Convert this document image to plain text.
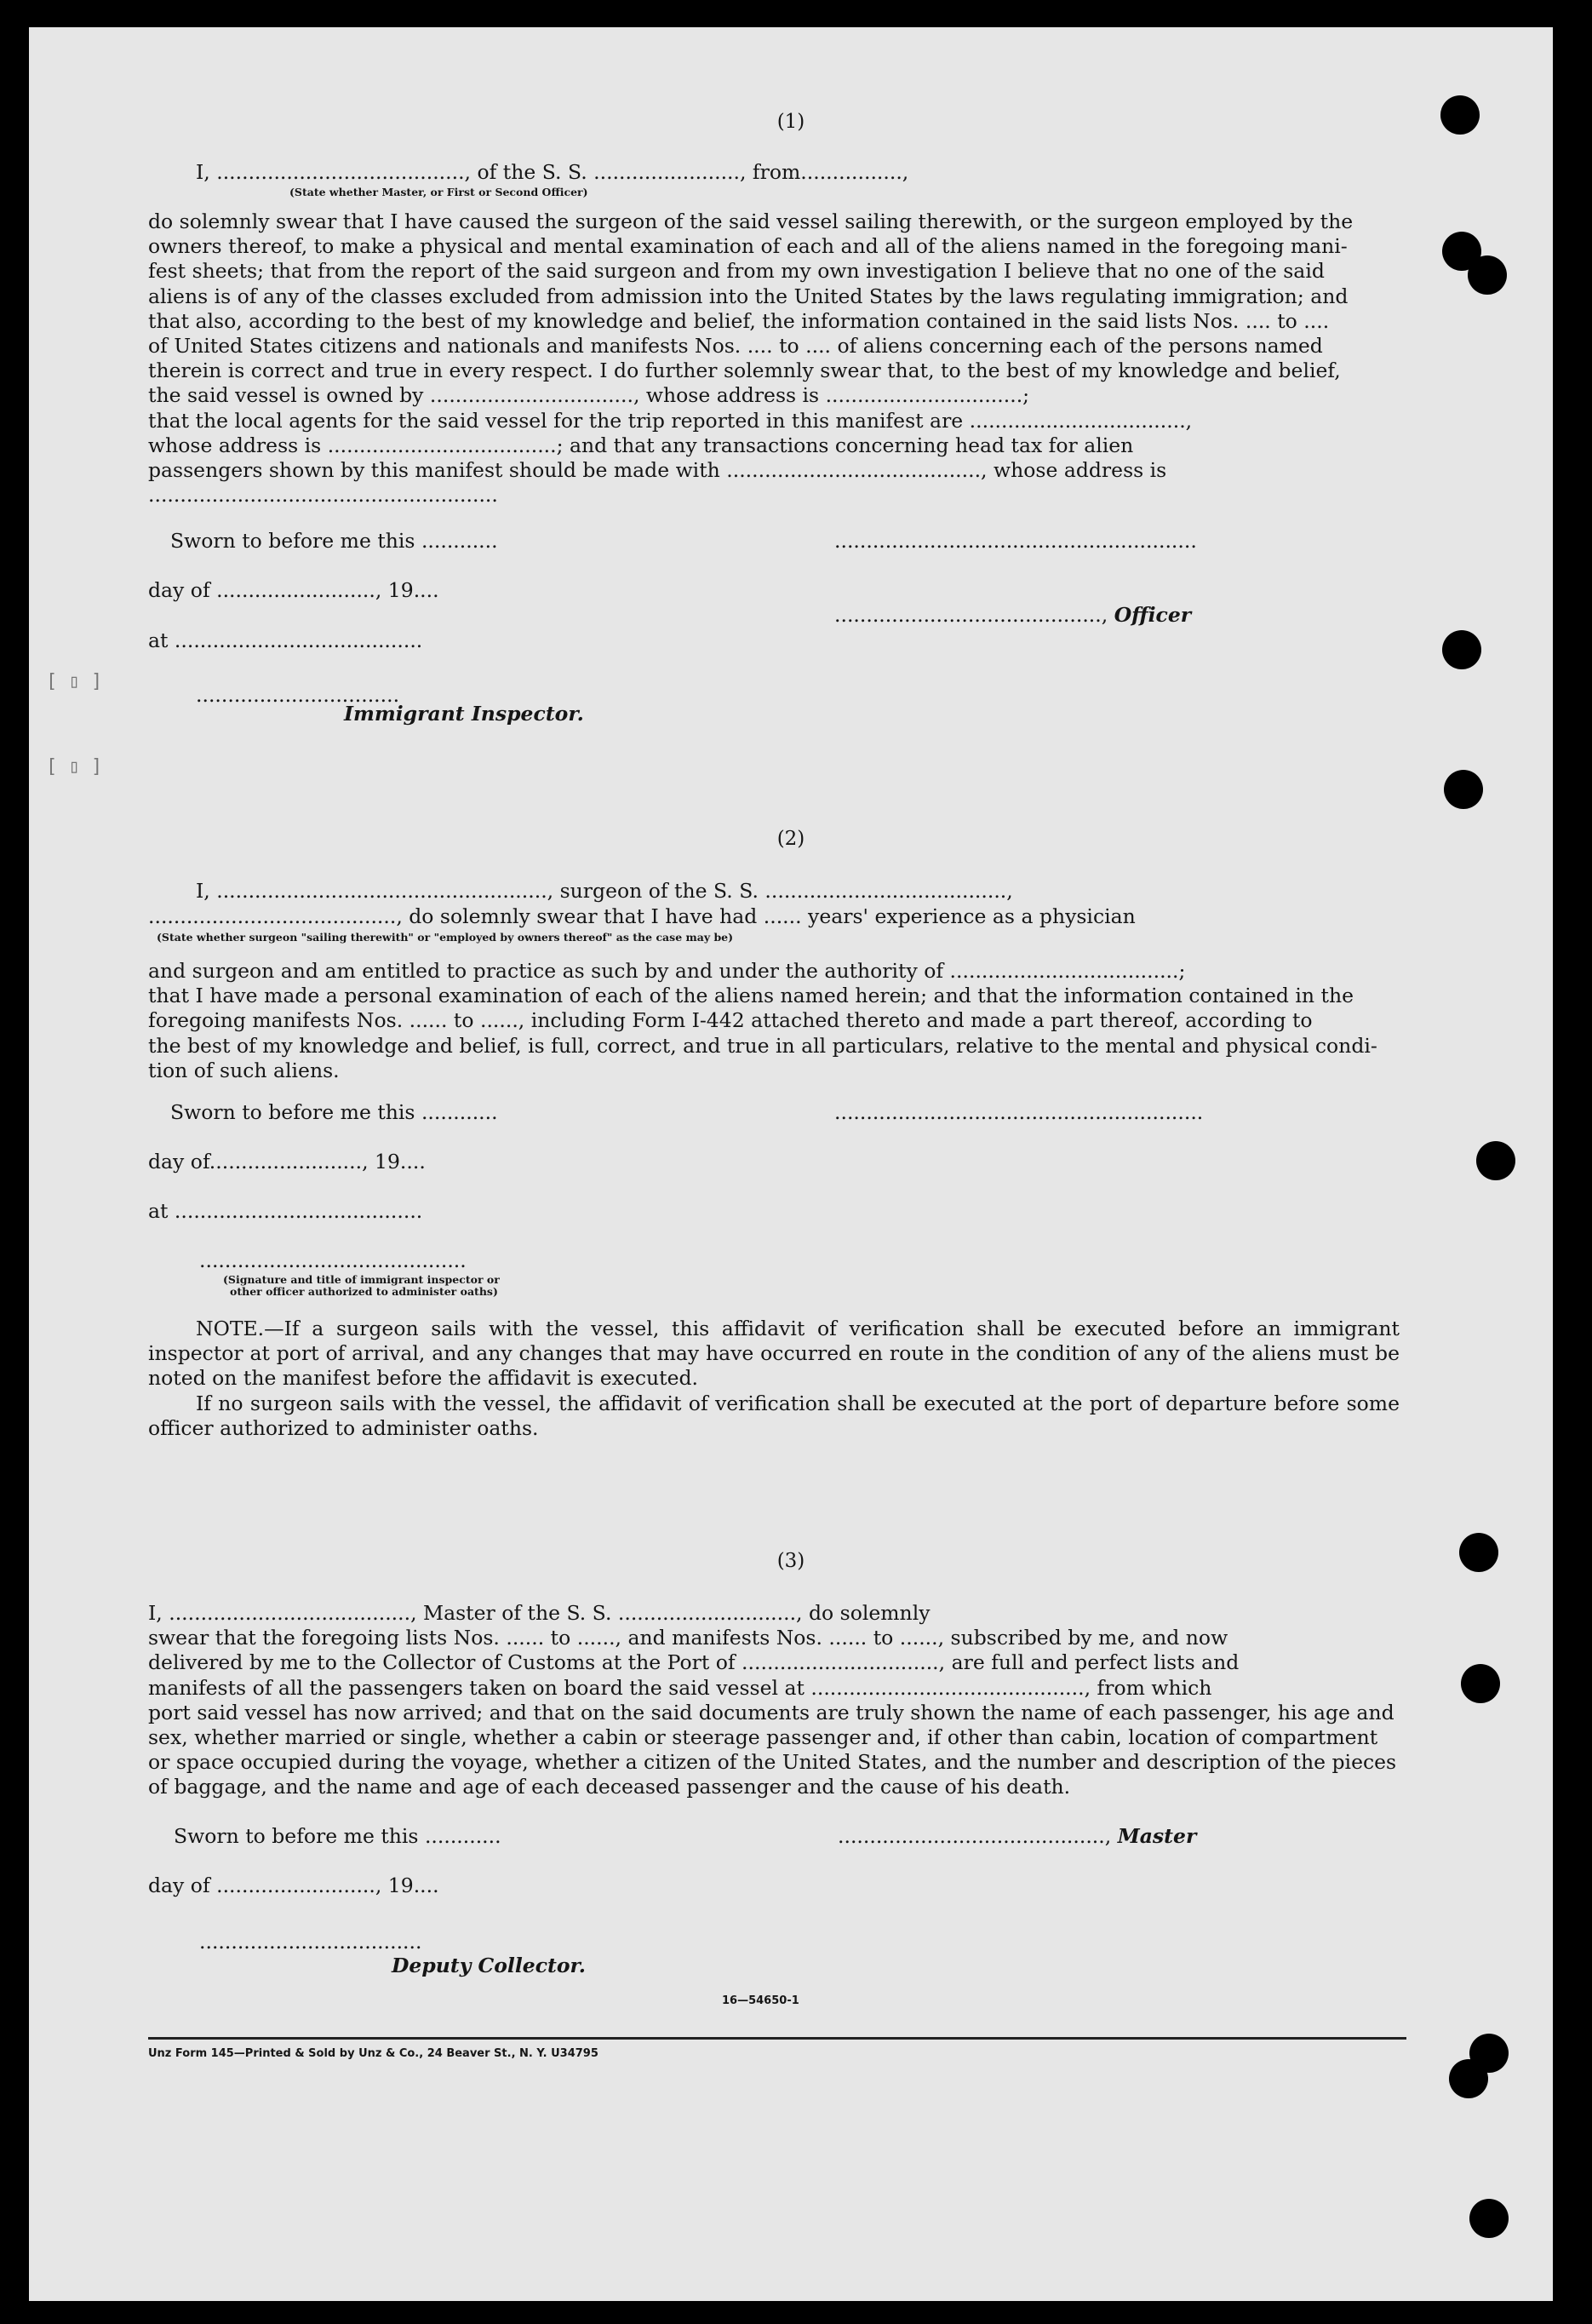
[ ▯ ]
[ ▯ ]
(1)
I, ......................................., of the S. S. ......................., from................,
(State whether Master, or First or Second Officer)
do solemnly swear that I have caused the surgeon of the said vessel sailing therewith, or the surgeon employed by the
owners thereof, to make a physical and mental examination of each and all of the aliens named in the foregoing mani-
fest sheets; that from the report of the said surgeon and from my own investigation I believe that no one of the said
aliens is of any of the classes excluded from admission into the United States by the laws regulating immigration; and
that also, according to the best of my knowledge and belief, the information contained in the said lists Nos. .... to ....
of United States citizens and nationals and manifests Nos. .... to .... of aliens concerning each of the persons named
therein is correct and true in every respect. I do further solemnly swear that, to the best of my knowledge and belief,
the said vessel is owned by ................................, whose address is ...............................;
that the local agents for the said vessel for the trip reported in this manifest are ..................................,
whose address is ....................................; and that any transactions concerning head tax for alien
passengers shown by this manifest should be made with ........................................, whose address is
.......................................................
Sworn to before me this ............	.........................................................
day of ........................., 19....
.........................................., Officer
at .......................................
................................
Immigrant Inspector.
(2)
I, ...................................................., surgeon of the S. S. ......................................,
......................................., do solemnly swear that I have had ...... years' experience as a physician
(State whether surgeon "sailing therewith" or "employed by owners thereof" as the case may be)
and surgeon and am entitled to practice as such by and under the authority of ....................................;
that I have made a personal examination of each of the aliens named herein; and that the information contained in the
foregoing manifests Nos. ...... to ......, including Form I-442 attached thereto and made a part thereof, according to
the best of my knowledge and belief, is full, correct, and true in all particulars, relative to the mental and physical condi-
tion of such aliens.
Sworn to before me this ............	..........................................................
day of........................, 19....
at .......................................
..........................................
(Signature and title of immigrant inspector or
other officer authorized to administer oaths)
NOTE.—If a surgeon sails with the vessel, this affidavit of verification shall be executed before an immigrant inspector at port of arrival, and any changes that may have occurred en route in the condition of any of the aliens must be noted on the manifest before the affidavit is executed.
If no surgeon sails with the vessel, the affidavit of verification shall be executed at the port of departure before some officer authorized to administer oaths.
(3)
I, ......................................, Master of the S. S. ............................, do solemnly
swear that the foregoing lists Nos. ...... to ......, and manifests Nos. ...... to ......, subscribed by me, and now
delivered by me to the Collector of Customs at the Port of ..............................., are full and perfect lists and
manifests of all the passengers taken on board the said vessel at ..........................................., from which
port said vessel has now arrived; and that on the said documents are truly shown the name of each passenger, his age and
sex, whether married or single, whether a cabin or steerage passenger and, if other than cabin, location of compartment
or space occupied during the voyage, whether a citizen of the United States, and the number and description of the pieces
of baggage, and the name and age of each deceased passenger and the cause of his death.
Sworn to before me this ............	.........................................., Master
day of ........................., 19....
...................................
Deputy Collector.
16—54650-1
Unz Form 145—Printed & Sold by Unz & Co., 24 Beaver St., N. Y. U34795
